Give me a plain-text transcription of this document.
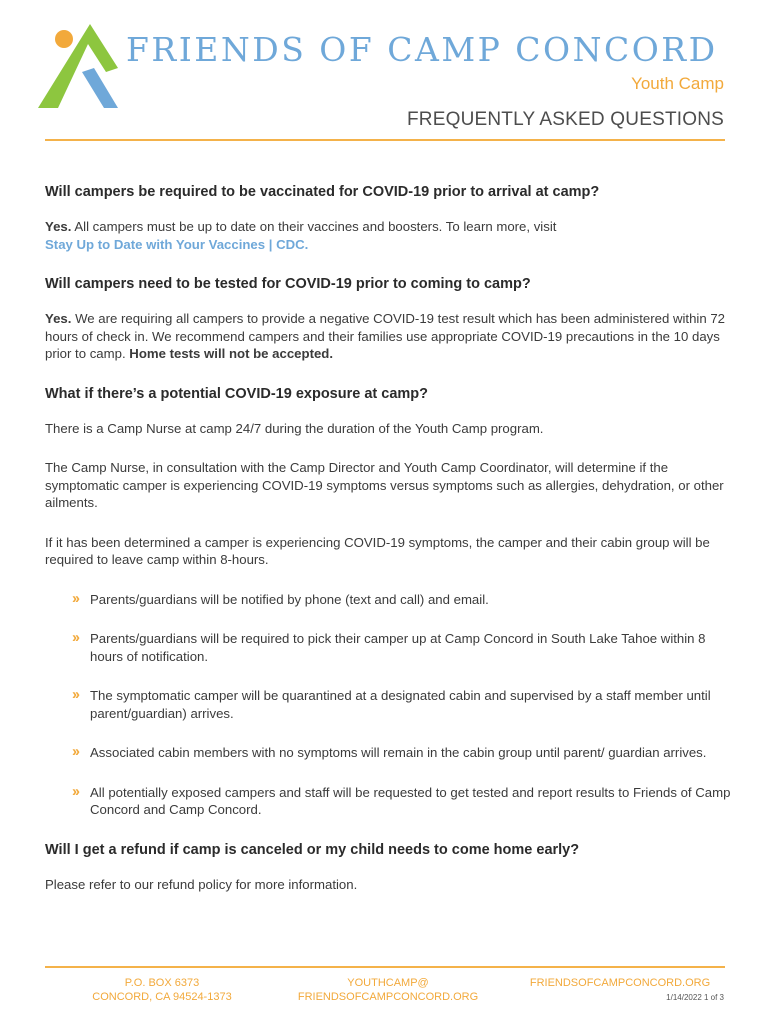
FRIENDS OF CAMP CONCORD
Youth Camp
FREQUENTLY ASKED QUESTIONS
Will campers be required to be vaccinated for COVID-19 prior to arrival at camp?
Yes. All campers must be up to date on their vaccines and boosters. To learn more, visit
Stay Up to Date with Your Vaccines | CDC.
Will campers need to be tested for COVID-19 prior to coming to camp?
Yes. We are requiring all campers to provide a negative COVID-19 test result which has been administered within 72 hours of check in. We recommend campers and their families use appropriate COVID-19 precautions in the 10 days prior to camp. Home tests will not be accepted.
What if there’s a potential COVID-19 exposure at camp?
There is a Camp Nurse at camp 24/7 during the duration of the Youth Camp program.
The Camp Nurse, in consultation with the Camp Director and Youth Camp Coordinator, will determine if the symptomatic camper is experiencing COVID-19 symptoms versus symptoms such as allergies, dehydration, or other ailments.
If it has been determined a camper is experiencing COVID-19 symptoms, the camper and their cabin group will be required to leave camp within 8-hours.
›› Parents/guardians will be notified by phone (text and call) and email.
›› Parents/guardians will be required to pick their camper up at Camp Concord in South Lake Tahoe within 8 hours of notification.
›› The symptomatic camper will be quarantined at a designated cabin and supervised by a staff member until parent/guardian) arrives.
›› Associated cabin members with no symptoms will remain in the cabin group until parent/ guardian arrives.
›› All potentially exposed campers and staff will be requested to get tested and report results to Friends of Camp Concord and Camp Concord.
Will I get a refund if camp is canceled or my child needs to come home early?
Please refer to our refund policy for more information.
P.O. BOX 6373
CONCORD, CA 94524-1373
YOUTHCAMP@
FRIENDSOFCAMPCONCORD.ORG
FRIENDSOFCAMPCONCORD.ORG
1/14/2022 1 of 3
